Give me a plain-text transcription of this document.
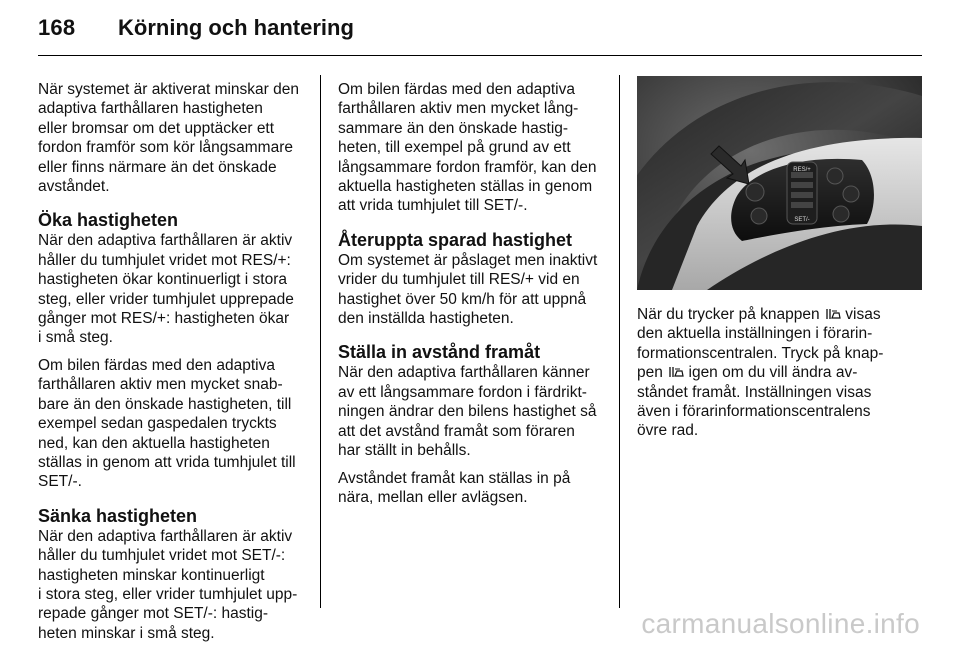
168 Körning och hantering

När systemet är aktiverat minskar den
adaptiva farthållaren hastigheten
eller bromsar om det upptäcker ett
fordon framför som kör långsammare
eller finns närmare än det önskade
avståndet.

Öka hastigheten

När den adaptiva farthållaren är aktiv
håller du tumhjulet vridet mot RES/+:
hastigheten ökar kontinuerligt i stora
steg, eller vrider tumhjulet upprepade
gånger mot RES/+: hastigheten ökar
i små steg.

Om bilen färdas med den adaptiva
farthållaren aktiv men mycket snab-
bare än den önskade hastigheten, till
exempel sedan gaspedalen tryckts
ned, kan den aktuella hastigheten
ställas in genom att vrida tumhjulet till
SET/-.

Sänka hastigheten

När den adaptiva farthållaren är aktiv
håller du tumhjulet vridet mot SET/-:
hastigheten minskar kontinuerligt
i stora steg, eller vrider tumhjulet upp-
repade gånger mot SET/-: hastig-
heten minskar i små steg.

Om bilen färdas med den adaptiva
farthållaren aktiv men mycket lång-
sammare än den önskade hastig-
heten, till exempel på grund av ett
långsammare fordon framför, kan den
aktuella hastigheten ställas in genom
att vrida tumhjulet till SET/-.

Återuppta sparad hastighet

Om systemet är påslaget men inaktivt
vrider du tumhjulet till RES/+ vid en
hastighet över 50 km/h för att uppnå
den inställda hastigheten.

Ställa in avstånd framåt

När den adaptiva farthållaren känner
av ett långsammare fordon i färdrikt-
ningen ändrar den bilens hastighet så
att det avstånd framåt som föraren
har ställt in behålls.

Avståndet framåt kan ställas in på
nära, mellan eller avlägsen.

RES/+
SET/-

När du trycker på knappen visas
den aktuella inställningen i förarin-
formationscentralen. Tryck på knap-
pen igen om du vill ändra av-
ståndet framåt. Inställningen visas
även i förarinformationscentralens
övre rad.

carmanualsonline.info
